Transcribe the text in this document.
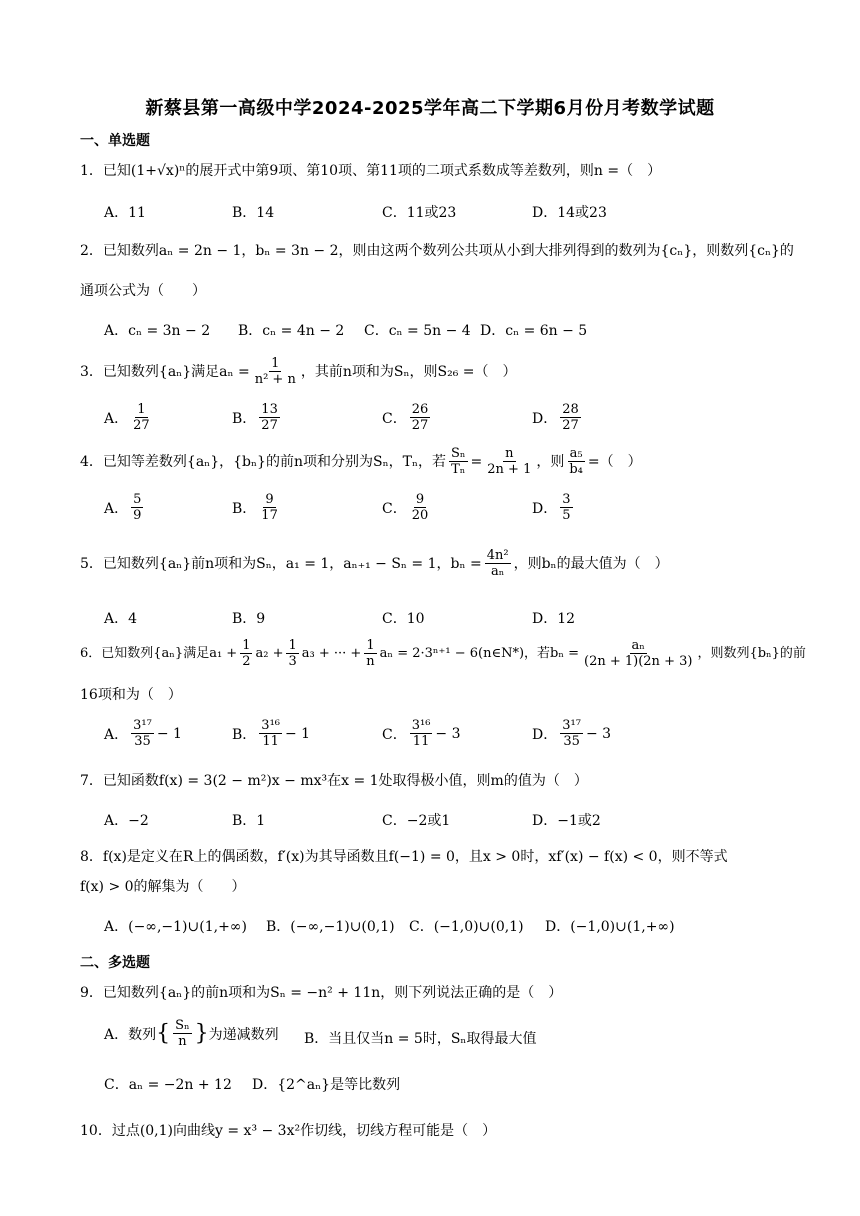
新蔡县第一高级中学2024-2025学年高二下学期6月份月考数学试题
一、单选题
1．已知(1+√x)ⁿ的展开式中第9项、第10项、第11项的二项式系数成等差数列，则n =（　）
A．11	B．14	C．11或23	D．14或23
2．已知数列aₙ = 2n − 1，bₙ = 3n − 2，则由这两个数列公共项从小到大排列得到的数列为{cₙ}，则数列{cₙ}的
通项公式为（　　）
A．cₙ = 3n − 2 B．cₙ = 4n − 2 C．cₙ = 5n − 4 D．cₙ = 6n − 5
3．已知数列{aₙ}满足$a_n = \frac{1}{\text{n² + n}}$ ，其前n项和为Sₙ，则S₂₆ =（　）
A． $\frac{1}{27}$	B． $\frac{13}{27}$	C． $\frac{26}{27}$	D． $\frac{28}{27}$
4．已知等差数列{aₙ}，{bₙ}的前n项和分别为Sₙ，Tₙ，若 $\frac{\text{Sₙ}}{\text{Tₙ}} = \frac{n}{2n + 1}$ ，则 $\frac{\text{a₅}}{\text{b₄}}$ =（　）
A． $\frac{5}{9}$	B． $\frac{9}{17}$	C． $\frac{9}{20}$	D． $\frac{3}{5}$
5．已知数列{aₙ}前n项和为Sₙ，a₁ = 1，aₙ₊₁ − Sₙ = 1，$b_n = \frac{\text{4n²}}{\text{aₙ}}$ ，则bₙ的最大值为（　）
A．4	B．9	C．10	D．12
6．已知数列{aₙ}满足$a_1 + \frac{1}{2} a_2 + \frac{1}{3} a_3$ + ··· + $\frac{1}{n}$ aₙ = 2·3ⁿ⁺¹ − 6(n∈N*)，若$b_n = \frac{\text{aₙ}}{(2n + 1)(2n + 3)}$ ，则数列{bₙ}的前
16项和为（　）
A． $\frac{\text{3¹⁷}}{35} - 1$	B． $\frac{\text{3¹⁶}}{11} - 1$	C． $\frac{\text{3¹⁶}}{11} - 3$	D． $\frac{\text{3¹⁷}}{35} - 3$
7．已知函数f(x) = 3(2 − m²)x − mx³在x = 1处取得极小值，则m的值为（　）
A．−2	B．1	C．−2或1	D．−1或2
8．f(x)是定义在R上的偶函数，f′(x)为其导函数且f(−1) = 0，且x > 0时，xf′(x) − f(x) < 0，则不等式
f(x) > 0的解集为（　　）
A．(−∞,−1)∪(1,+∞) B．(−∞,−1)∪(0,1) C．(−1,0)∪(0,1) D．(−1,0)∪(1,+∞)
二、多选题
9．已知数列{aₙ}的前n项和为Sₙ = −n² + 11n，则下列说法正确的是（　）
A．数列 { $\frac{\text{Sₙ}}{n}$ } 为递减数列 B．当且仅当n = 5时，Sₙ取得最大值
C．aₙ = −2n + 12 D．{2^aₙ}是等比数列
10．过点(0,1)向曲线y = x³ − 3x²作切线，切线方程可能是（　）
